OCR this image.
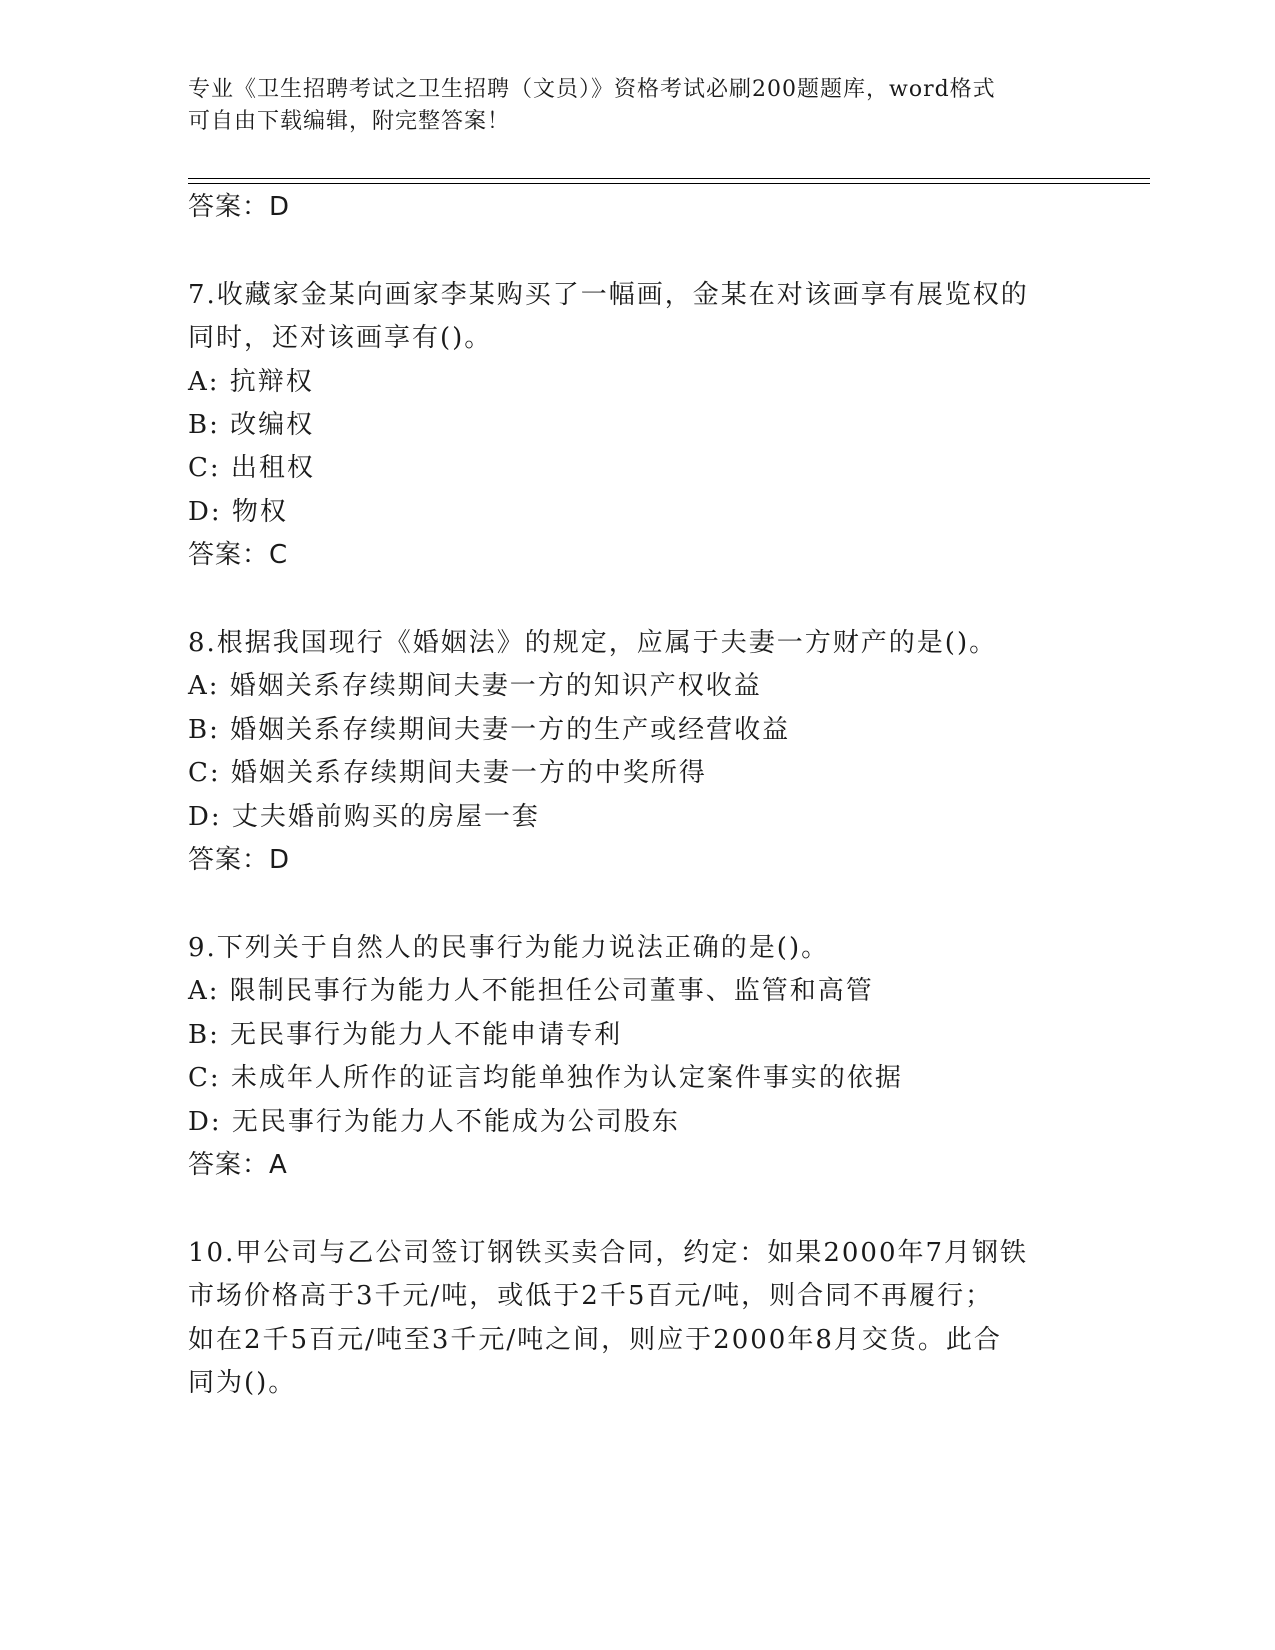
专业《卫生招聘考试之卫生招聘（文员）》资格考试必刷200题题库，word格式
可自由下载编辑，附完整答案！
答案：D
7.收藏家金某向画家李某购买了一幅画，金某在对该画享有展览权的
同时，还对该画享有()。
A: 抗辩权
B: 改编权
C: 出租权
D: 物权
答案：C
8.根据我国现行《婚姻法》的规定，应属于夫妻一方财产的是()。
A: 婚姻关系存续期间夫妻一方的知识产权收益
B: 婚姻关系存续期间夫妻一方的生产或经营收益
C: 婚姻关系存续期间夫妻一方的中奖所得
D: 丈夫婚前购买的房屋一套
答案：D
9.下列关于自然人的民事行为能力说法正确的是()。
A: 限制民事行为能力人不能担任公司董事、监管和高管
B: 无民事行为能力人不能申请专利
C: 未成年人所作的证言均能单独作为认定案件事实的依据
D: 无民事行为能力人不能成为公司股东
答案：A
10.甲公司与乙公司签订钢铁买卖合同，约定：如果2000年7月钢铁
市场价格高于3千元/吨，或低于2千5百元/吨，则合同不再履行；
如在2千5百元/吨至3千元/吨之间，则应于2000年8月交货。此合
同为()。
